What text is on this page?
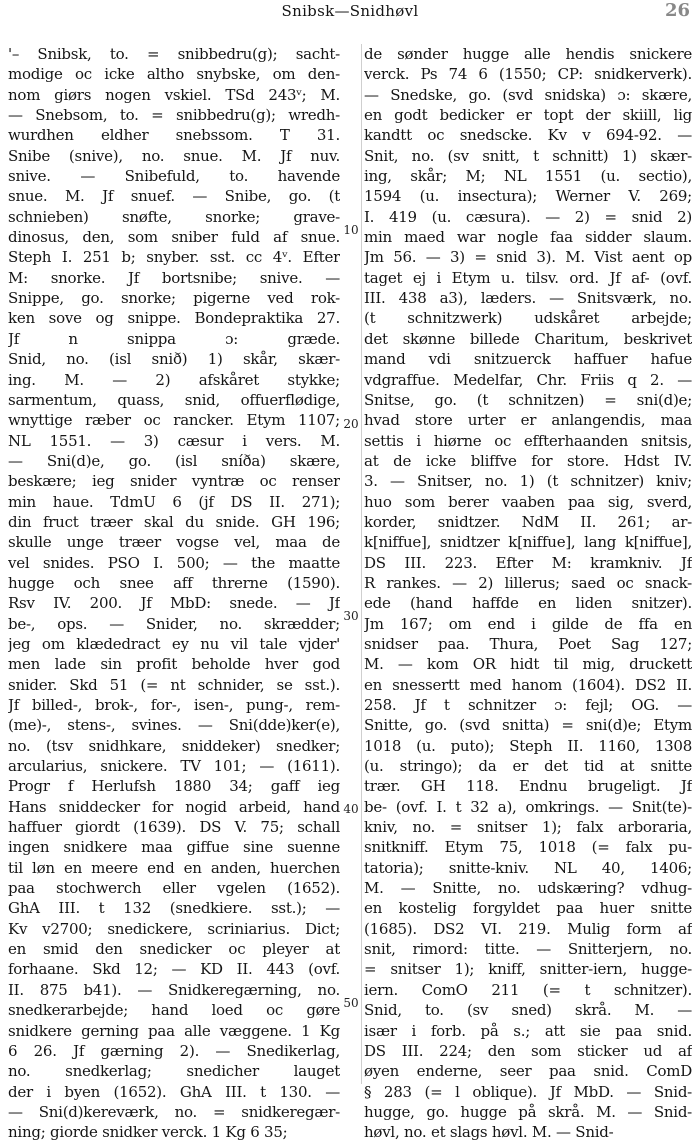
Snibsk—Snidhøvl	26
10
20
30
40
50
'– Snibsk, to. = snibbedru(g); sacht-
modige oc icke altho snybske, om den-
nom giørs nogen vskiel. TSd 243ᵛ; M.
— Snebsom, to. = snibbedru(g); wredh-
wurdhen eldher snebssom. T 31.
Snibe (snive), no. snue. M. Jf nuv.
snive. — Snibefuld, to. havende
snue. M. Jf snuef. — Snibe, go. (t
schnieben) snøfte, snorke; grave-
dinosus, den, som sniber fuld af snue.
Steph I. 251 b; snyber. sst. cc 4ᵛ. Efter
M: snorke. Jf bortsnibe; snive. —
Snippe, go. snorke; pigerne ved rok-
ken sove og snippe. Bondepraktika 27.
Jf n snippa ɔ: græde.
Snid, no. (isl snið) 1) skår, skær-
ing. M. — 2) afskåret stykke;
sarmentum, quass, snid, offuerflødige,
wnyttige ræber oc rancker. Etym 1107;
NL 1551. — 3) cæsur i vers. M.
— Sni(d)e, go. (isl sníða) skære,
beskære; ieg snider vyntræ oc renser
min haue. TdmU 6 (jf DS II. 271);
din fruct træer skal du snide. GH 196;
skulle unge træer vogse vel, maa de
vel snides. PSO I. 500; — the maatte
hugge och snee aff threrne (1590).
Rsv IV. 200. Jf MbD: snede. — Jf
be-, ops. — Snider, no. skrædder;
jeg om klædedract ey nu vil tale vjder'
men lade sin profit beholde hver god
snider. Skd 51 (= nt schnider, se sst.).
Jf billed-, brok-, for-, isen-, pung-, rem-
(me)-, stens-, svines. — Sni(dde)ker(e),
no. (tsv snidhkare, sniddeker) snedker;
arcularius, snickere. TV 101; — (1611).
Progr f Herlufsh 1880 34; gaff ieg
Hans sniddecker for nogid arbeid, hand
haffuer giordt (1639). DS V. 75; schall
ingen snidkere maa giffue sine suenne
til løn en meere end en anden, huerchen
paa stochwerch eller vgelen (1652).
GhA III. t 132 (snedkiere. sst.); —
Kv v2700; snedickere, scriniarius. Dict;
en smid den snedicker oc pleyer at
forhaane. Skd 12; — KD II. 443 (ovf.
II. 875 b41). — Snidkeregærning, no.
snedkerarbejde; hand loed oc gøre
snidkere gerning paa alle væggene. 1 Kg
6 26. Jf gærning 2). — Snedikerlag,
no. snedkerlag; snedicher lauget
der i byen (1652). GhA III. t 130. —
— Sni(d)kereværk, no. = snidkeregær-
ning; giorde snidker verck. 1 Kg 6 35;
de sønder hugge alle hendis snickere
verck. Ps 74 6 (1550; CP: snidkerverk).
— Snedske, go. (svd snidska) ɔ: skære,
en godt bedicker er topt der skiill, lig
kandtt oc snedscke. Kv v 694-92. —
Snit, no. (sv snitt, t schnitt) 1) skær-
ing, skår; M; NL 1551 (u. sectio),
1594 (u. insectura); Werner V. 269;
I. 419 (u. cæsura). — 2) = snid 2)
min maed war nogle faa sidder slaum.
Jm 56. — 3) = snid 3). M. Vist aent op
taget ej i Etym u. tilsv. ord. Jf af- (ovf.
III. 438 a3), læders. — Snitsværk, no.
(t schnitzwerk) udskåret arbejde;
det skønne billede Charitum, beskrivet
mand vdi snitzuerck haffuer hafue
vdgraffue. Medelfar, Chr. Friis q 2. —
Snitse, go. (t schnitzen) = sni(d)e;
hvad store urter er anlangendis, maa
settis i hiørne oc effterhaanden snitsis,
at de icke bliffve for store. Hdst IV.
3. — Snitser, no. 1) (t schnitzer) kniv;
huo som berer vaaben paa sig, sverd,
korder, snidtzer. NdM II. 261; ar-
k[niffue], snidtzer k[niffue], lang k[niffue],
DS III. 223. Efter M: kramkniv. Jf
R rankes. — 2) lillerus; saed oc snack-
ede (hand haffde en liden snitzer).
Jm 167; om end i gilde de ffa en
snidser paa. Thura, Poet Sag 127;
M. — kom OR hidt til mig, druckett
en snessertt med hanom (1604). DS2 II.
258. Jf t schnitzer ɔ: fejl; OG. —
Snitte, go. (svd snitta) = sni(d)e; Etym
1018 (u. puto); Steph II. 1160, 1308
(u. stringo); da er det tid at snitte
trær. GH 118. Endnu brugeligt. Jf
be- (ovf. I. t 32 a), omkrings. — Snit(te)-
kniv, no. = snitser 1); falx arboraria,
snitkniff. Etym 75, 1018 (= falx pu-
tatoria); snitte-kniv. NL 40, 1406;
M. — Snitte, no. udskæring? vdhug-
en kostelig forgyldet paa huer snitte
(1685). DS2 VI. 219. Mulig form af
snit, rimord: titte. — Snitterjern, no.
= snitser 1); kniff, snitter-iern, hugge-
iern. ComO 211 (= t schnitzer).
Snid, to. (sv sned) skrå. M. —
især i forb. på s.; att sie paa snid.
DS III. 224; den som sticker ud af
øyen enderne, seer paa snid. ComD
§ 283 (= l oblique). Jf MbD. — Snid-
hugge, go. hugge på skrå. M. — Snid-
høvl, no. et slags høvl. M. — Snid-
